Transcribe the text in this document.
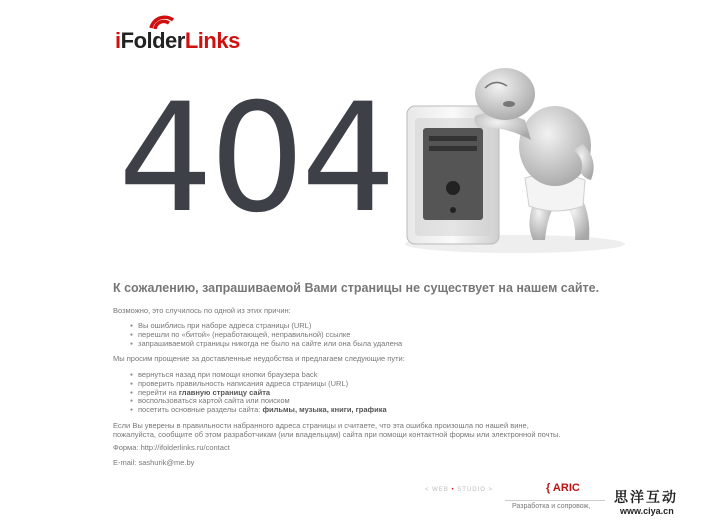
iFolderLinks
404
К сожалению, запрашиваемой Вами страницы не существует на нашем сайте.
Возможно, это случилось по одной из этих причин:
● Вы ошиблись при наборе адреса страницы (URL)
● перешли по «битой» (неработающей, неправильной) ссылке
● запрашиваемой страницы никогда не было на сайте или она была удалена
Мы просим прощение за доставленные неудобства и предлагаем следующие пути:
● вернуться назад при помощи кнопки браузера back
● проверить правильность написания адреса страницы (URL)
● перейти на главную страницу сайта
● воспользоваться картой сайта или поиском
● посетить основные разделы сайта: фильмы, музыка, книги, графика
Если Вы уверены в правильности набранного адреса страницы и считаете, что эта ошибка произошла по нашей вине,
пожалуйста, сообщите об этом разработчикам (или владельцам) сайта при помощи контактной формы или электронной почты.
Форма: http://ifolderlinks.ru/contact
E-mail: sashurik@me.by
< WEB • STUDIO >	{ ARIC
Разработка и сопровож,
思洋互动
www.ciya.cn
